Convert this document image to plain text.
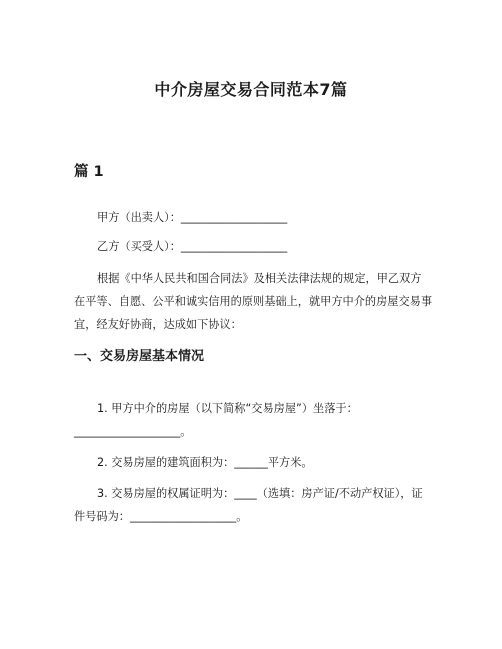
中介房屋交易合同范本7篇
篇 1

甲方（出卖人）：___________________

乙方（买受人）：___________________

根据《中华人民共和国合同法》及相关法律法规的规定，甲乙双方在平等、自愿、公平和诚实信用的原则基础上，就甲方中介的房屋交易事宜，经友好协商，达成如下协议：

一、交易房屋基本情况

1. 甲方中介的房屋（以下简称“交易房屋”）坐落于：___________________。

2. 交易房屋的建筑面积为：______平方米。

3. 交易房屋的权属证明为：____（选填：房产证/不动产权证），证件号码为：___________________。
